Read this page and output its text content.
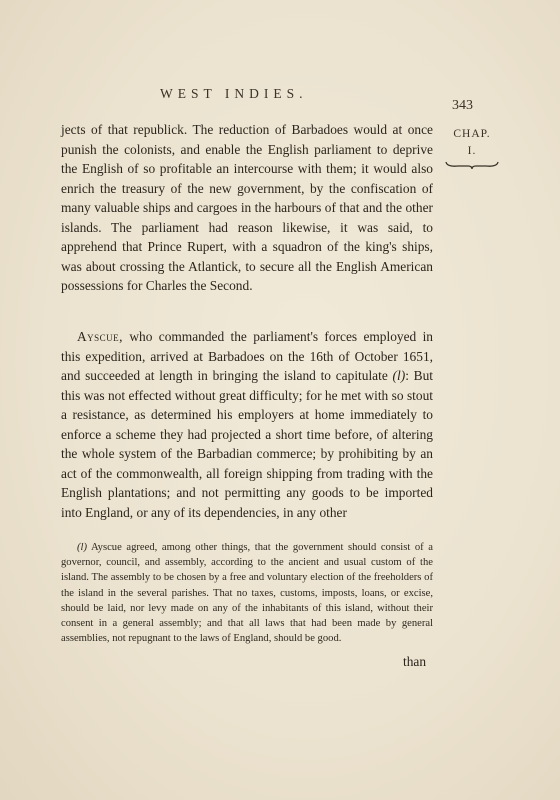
WEST INDIES.
343
CHAP.
I.
jects of that republick. The reduction of Barbadoes would at once punish the colonists, and enable the English parliament to deprive the English of so profitable an intercourse with them; it would also enrich the treasury of the new government, by the confiscation of many valuable ships and cargoes in the harbours of that and the other islands. The parliament had reason likewise, it was said, to apprehend that Prince Rupert, with a squadron of the king's ships, was about crossing the Atlantick, to secure all the English American possessions for Charles the Second.
Ayscue, who commanded the parliament's forces employed in this expedition, arrived at Barbadoes on the 16th of October 1651, and succeeded at length in bringing the island to capitulate (l): But this was not effected without great difficulty; for he met with so stout a resistance, as determined his employers at home immediately to enforce a scheme they had projected a short time before, of altering the whole system of the Barbadian commerce; by prohibiting by an act of the commonwealth, all foreign shipping from trading with the English plantations; and not permitting any goods to be imported into England, or any of its dependencies, in any other
(l) Ayscue agreed, among other things, that the government should consist of a governor, council, and assembly, according to the ancient and usual custom of the island. The assembly to be chosen by a free and voluntary election of the freeholders of the island in the several parishes. That no taxes, customs, imposts, loans, or excise, should be laid, nor levy made on any of the inhabitants of this island, without their consent in a general assembly; and that all laws that had been made by general assemblies, not repugnant to the laws of England, should be good.
than
